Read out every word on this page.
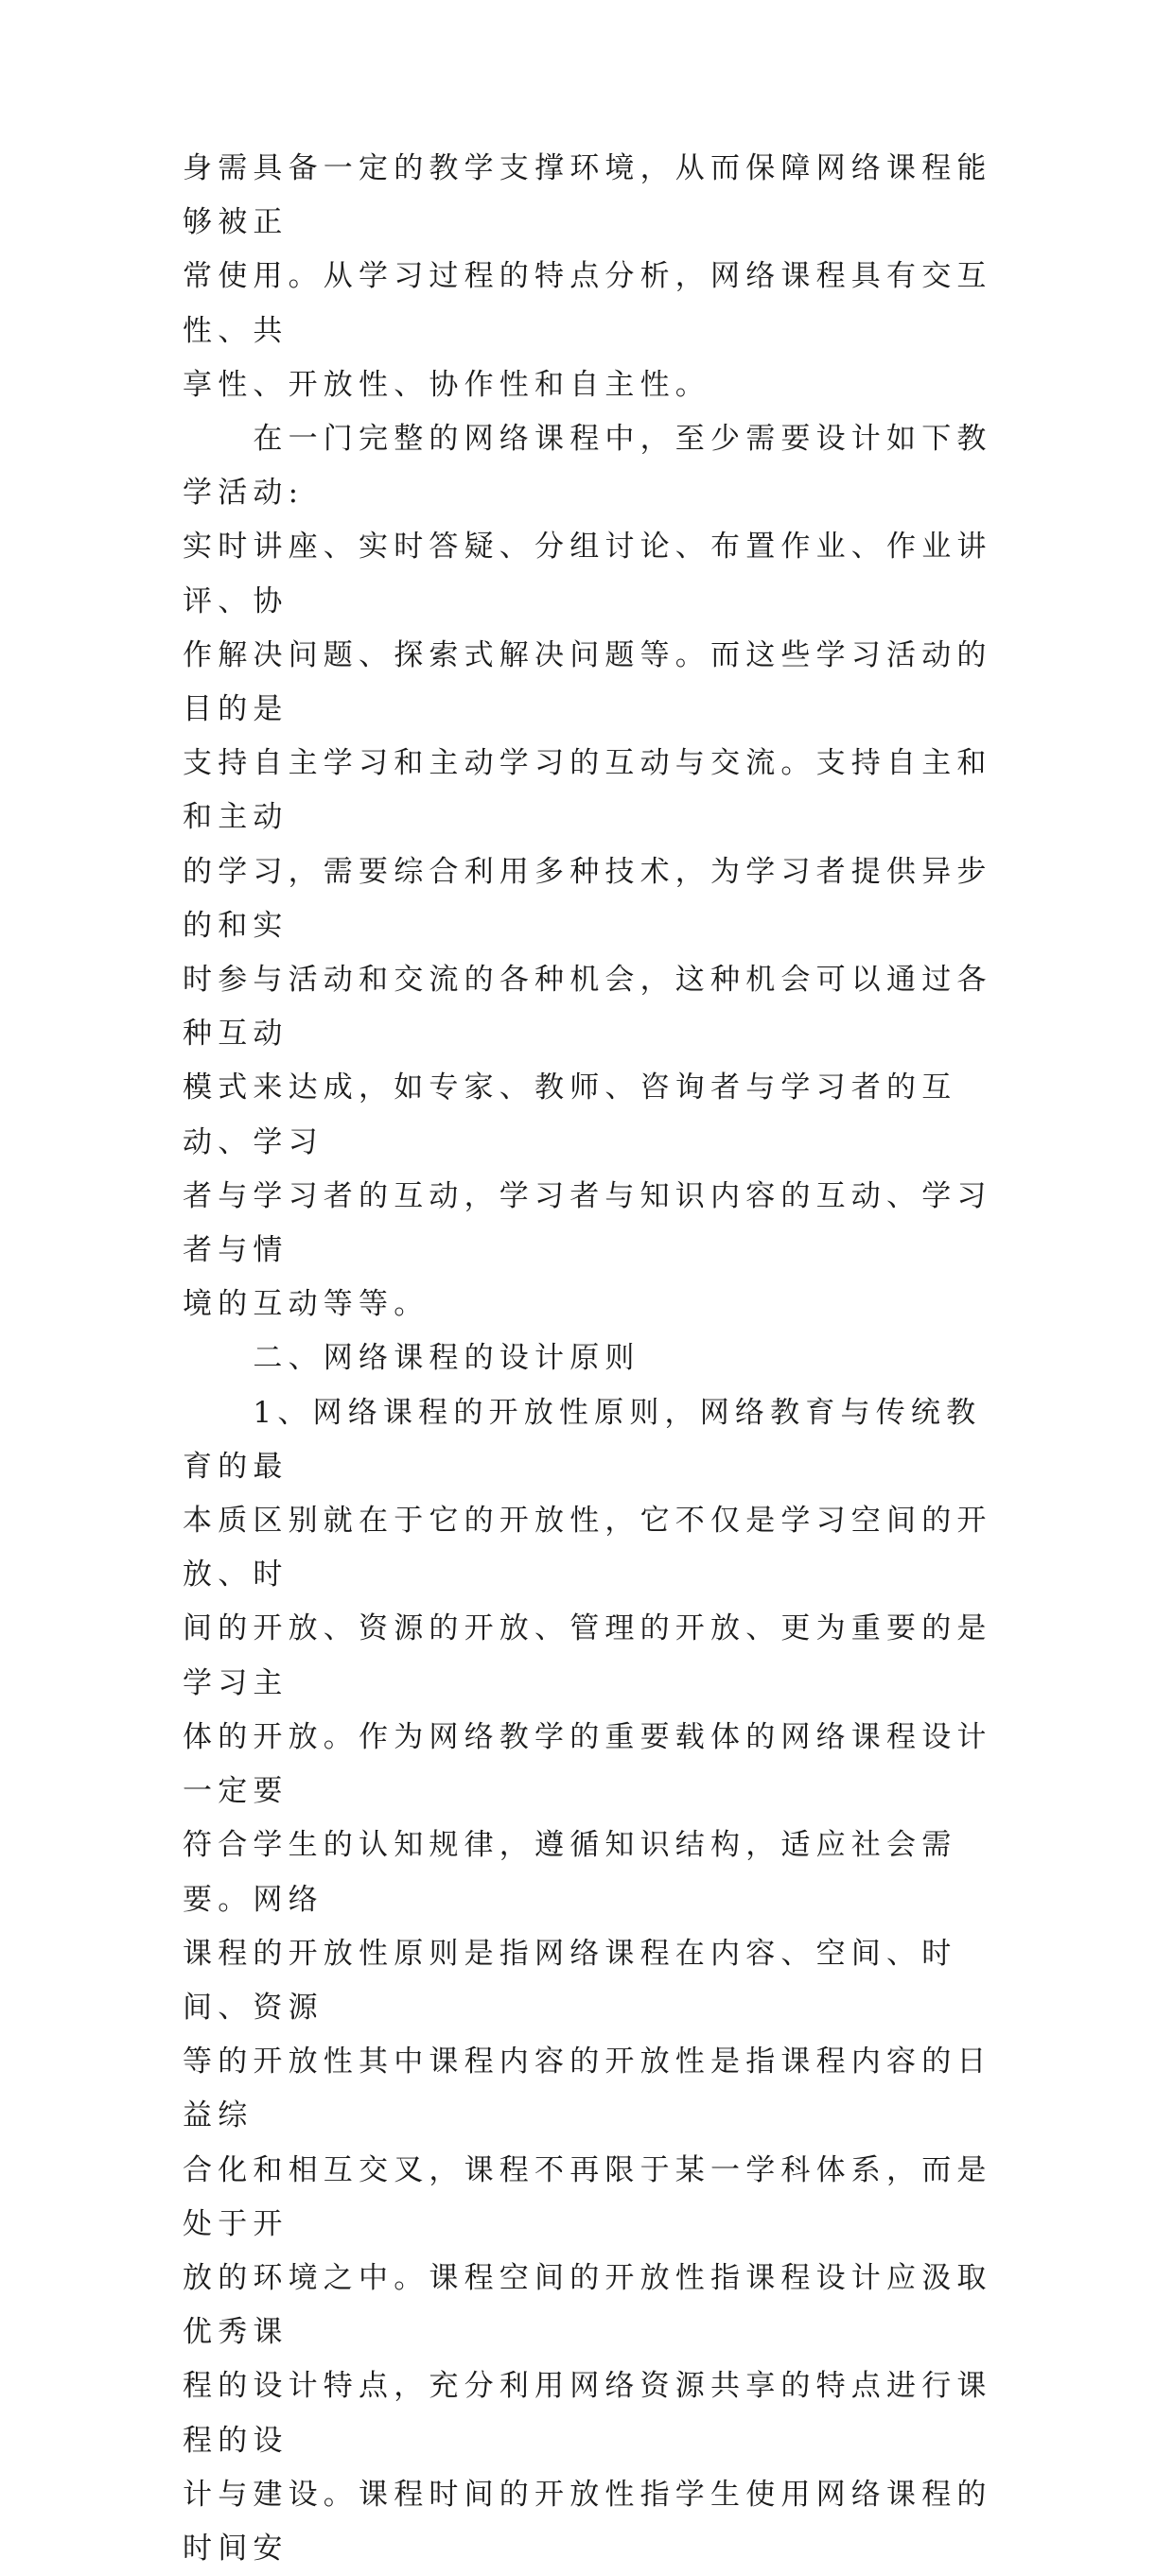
身需具备一定的教学支撑环境，从而保障网络课程能够被正
常使用。从学习过程的特点分析，网络课程具有交互性、共
享性、开放性、协作性和自主性。

　　在一门完整的网络课程中，至少需要设计如下教学活动:
实时讲座、实时答疑、分组讨论、布置作业、作业讲评、协
作解决问题、探索式解决问题等。而这些学习活动的目的是
支持自主学习和主动学习的互动与交流。支持自主和和主动
的学习，需要综合利用多种技术，为学习者提供异步的和实
时参与活动和交流的各种机会，这种机会可以通过各种互动
模式来达成，如专家、教师、咨询者与学习者的互动、学习
者与学习者的互动，学习者与知识内容的互动、学习者与情
境的互动等等。

　　二、网络课程的设计原则

　　1、网络课程的开放性原则，网络教育与传统教育的最
本质区别就在于它的开放性，它不仅是学习空间的开放、时
间的开放、资源的开放、管理的开放、更为重要的是学习主
体的开放。作为网络教学的重要载体的网络课程设计一定要
符合学生的认知规律，遵循知识结构，适应社会需要。网络
课程的开放性原则是指网络课程在内容、空间、时间、资源
等的开放性其中课程内容的开放性是指课程内容的日益综
合化和相互交叉，课程不再限于某一学科体系，而是处于开
放的环境之中。课程空间的开放性指课程设计应汲取优秀课
程的设计特点，充分利用网络资源共享的特点进行课程的设
计与建设。课程时间的开放性指学生使用网络课程的时间安
